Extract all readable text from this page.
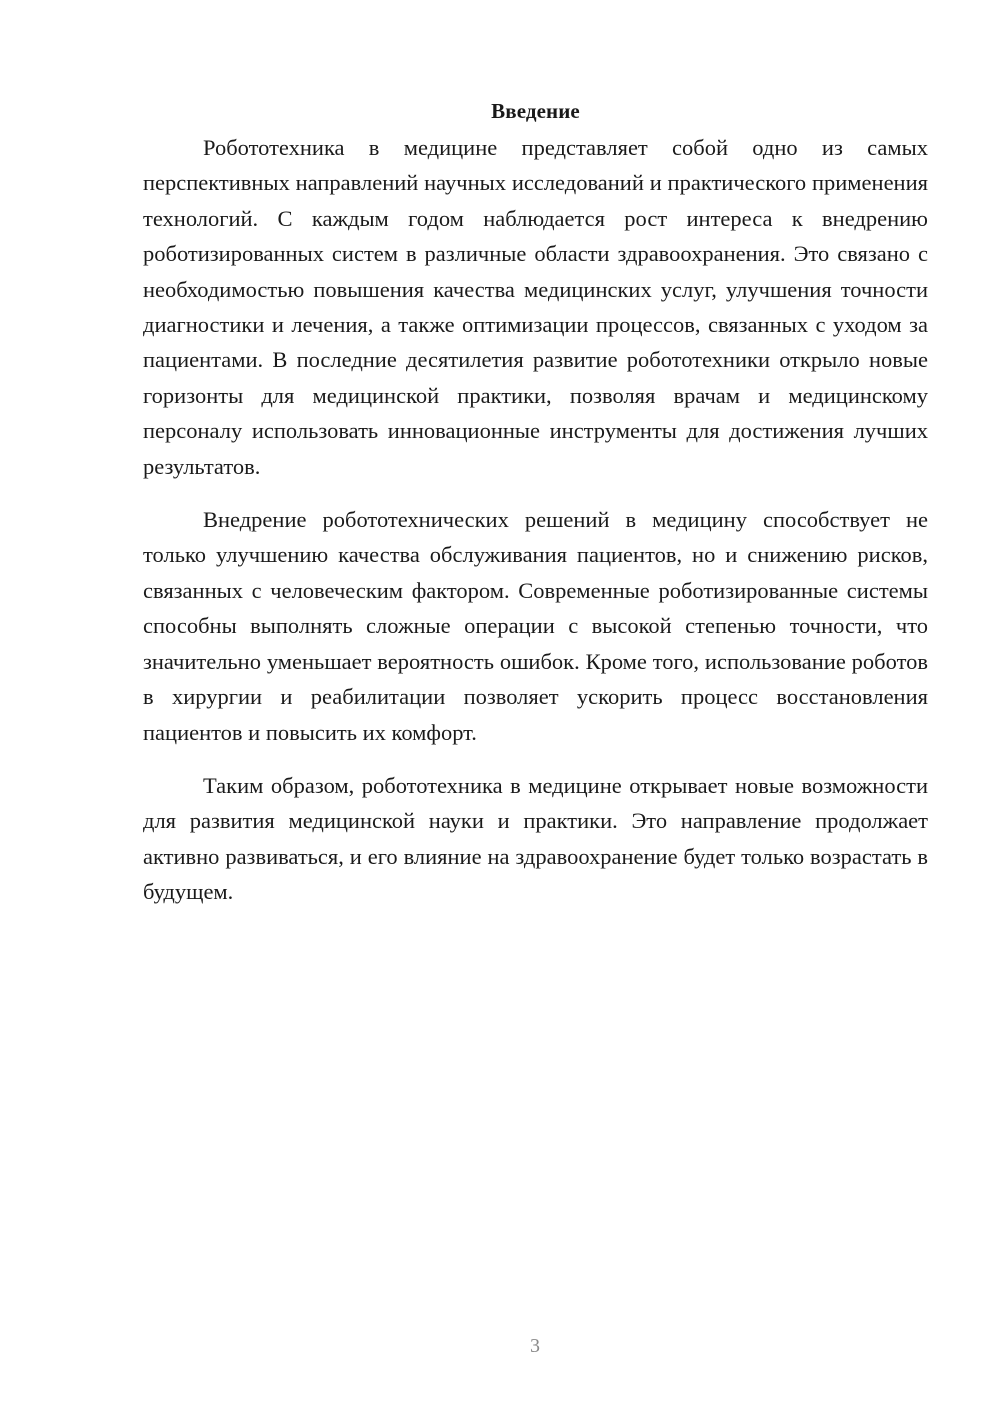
Введение

Робототехника в медицине представляет собой одно из самых перспективных направлений научных исследований и практического применения технологий. С каждым годом наблюдается рост интереса к внедрению роботизированных систем в различные области здравоохранения. Это связано с необходимостью повышения качества медицинских услуг, улучшения точности диагностики и лечения, а также оптимизации процессов, связанных с уходом за пациентами. В последние десятилетия развитие робототехники открыло новые горизонты для медицинской практики, позволяя врачам и медицинскому персоналу использовать инновационные инструменты для достижения лучших результатов.

Внедрение робототехнических решений в медицину способствует не только улучшению качества обслуживания пациентов, но и снижению рисков, связанных с человеческим фактором. Современные роботизированные системы способны выполнять сложные операции с высокой степенью точности, что значительно уменьшает вероятность ошибок. Кроме того, использование роботов в хирургии и реабилитации позволяет ускорить процесс восстановления пациентов и повысить их комфорт.

Таким образом, робототехника в медицине открывает новые возможности для развития медицинской науки и практики. Это направление продолжает активно развиваться, и его влияние на здравоохранение будет только возрастать в будущем.

3
